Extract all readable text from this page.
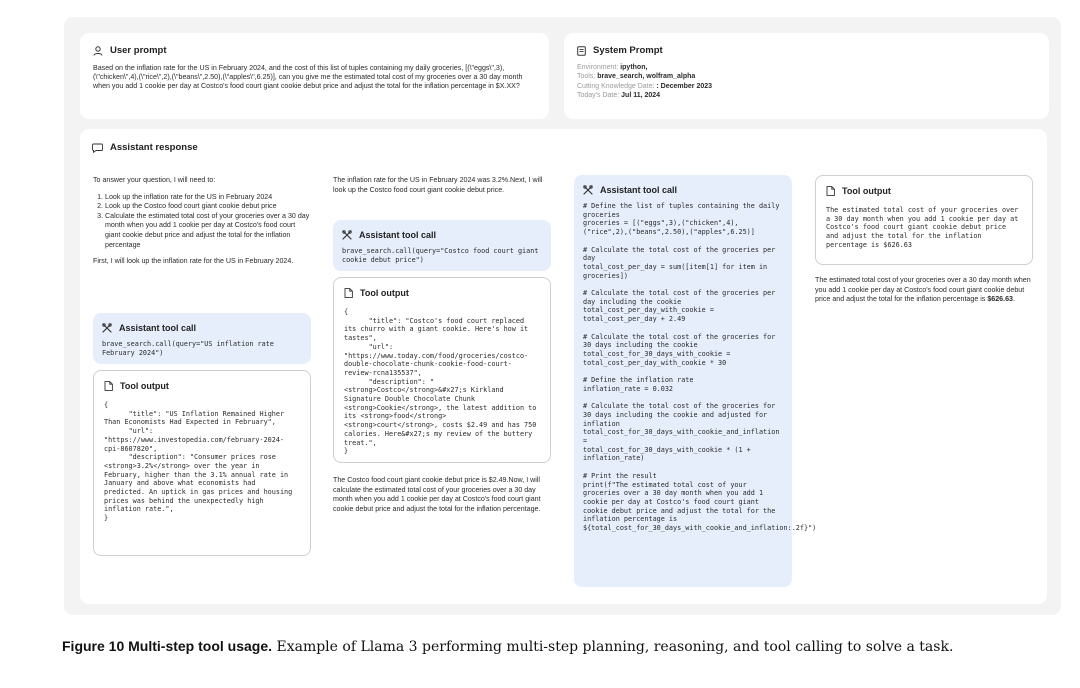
User prompt
Based on the inflation rate for the US in February 2024, and the cost of this list of tuples containing my daily groceries, [(\"eggs\",3),(\"chicken\",4),(\"rice\",2),(\"beans\",2.50),(\"apples\",6.25)], can you give me the estimated total cost of my groceries over a 30 day month when you add 1 cookie per day at Costco's food court giant cookie debut price and adjust the total for the inflation percentage in $X.XX?
System Prompt
Environment: ipython,
Tools: brave_search, wolfram_alpha
Cutting Knowledge Date: : December 2023
Today's Date: Jul 11, 2024
Assistant response

To answer your question, I will need to:

1. Look up the inflation rate for the US in February 2024
2. Look up the Costco food court giant cookie debut price
3. Calculate the estimated total cost of your groceries over a 30 day month when you add 1 cookie per day at Costco's food court giant cookie debut price and adjust the total for the inflation percentage

First, I will look up the inflation rate for the US in February 2024.

Assistant tool call
brave_search.call(query="US inflation rate February 2024")
Tool output
{
"title": "US Inflation Remained Higher Than Economists Had Expected in February",
"url": "https://www.investopedia.com/february-2024-cpi-8607820",
"description": "Consumer prices rose <strong>3.2%</strong> over the year in February, higher than the 3.1% annual rate in January and above what economists had predicted. An uptick in gas prices and housing prices was behind the unexpectedly high inflation rate.",
}
The inflation rate for the US in February 2024 was 3.2%.Next, I will look up the Costco food court giant cookie debut price.
Assistant tool call
brave_search.call(query="Costco food court giant cookie debut price")
Tool output
{
"title": "Costco's food court replaced its churro with a giant cookie. Here's how it tastes",
"url": "https://www.today.com/food/groceries/costco-double-chocolate-chunk-cookie-food-court-review-rcna135537",
"description": "<strong>Costco</strong>&#x27;s Kirkland Signature Double Chocolate Chunk <strong>Cookie</strong>, the latest addition to its <strong>food</strong> <strong>court</strong>, costs $2.49 and has 750 calories. Here&#x27;s my review of the buttery treat.",
}
The Costco food court giant cookie debut price is $2.49.Now, I will calculate the estimated total cost of your groceries over a 30 day month when you add 1 cookie per day at Costco's food court giant cookie debut price and adjust the total for the inflation percentage.
Assistant tool call
# Define the list of tuples containing the daily groceries
groceries = [("eggs",3),("chicken",4),("rice",2),("beans",2.50),("apples",6.25)]

# Calculate the total cost of the groceries per day
total_cost_per_day = sum([item[1] for item in groceries])

# Calculate the total cost of the groceries per day including the cookie
total_cost_per_day_with_cookie = total_cost_per_day + 2.49

# Calculate the total cost of the groceries for 30 days including the cookie
total_cost_for_30_days_with_cookie = total_cost_per_day_with_cookie * 30

# Define the inflation rate
inflation_rate = 0.032

# Calculate the total cost of the groceries for 30 days including the cookie and adjusted for inflation
total_cost_for_30_days_with_cookie_and_inflation =
total_cost_for_30_days_with_cookie * (1 + inflation_rate)

# Print the result
print(f"The estimated total cost of your groceries over a 30 day month when you add 1 cookie per day at Costco's food court giant cookie debut price and adjust the total for the inflation percentage is ${total_cost_for_30_days_with_cookie_and_inflation:.2f}")
Tool output
The estimated total cost of your groceries over a 30 day month when you add 1 cookie per day at Costco's food court giant cookie debut price and adjust the total for the inflation percentage is $626.63
The estimated total cost of your groceries over a 30 day month when you add 1 cookie per day at Costco's food court giant cookie debut price and adjust the total for the inflation percentage is $626.63.
Figure 10 Multi-step tool usage. Example of Llama 3 performing multi-step planning, reasoning, and tool calling to solve a task.
